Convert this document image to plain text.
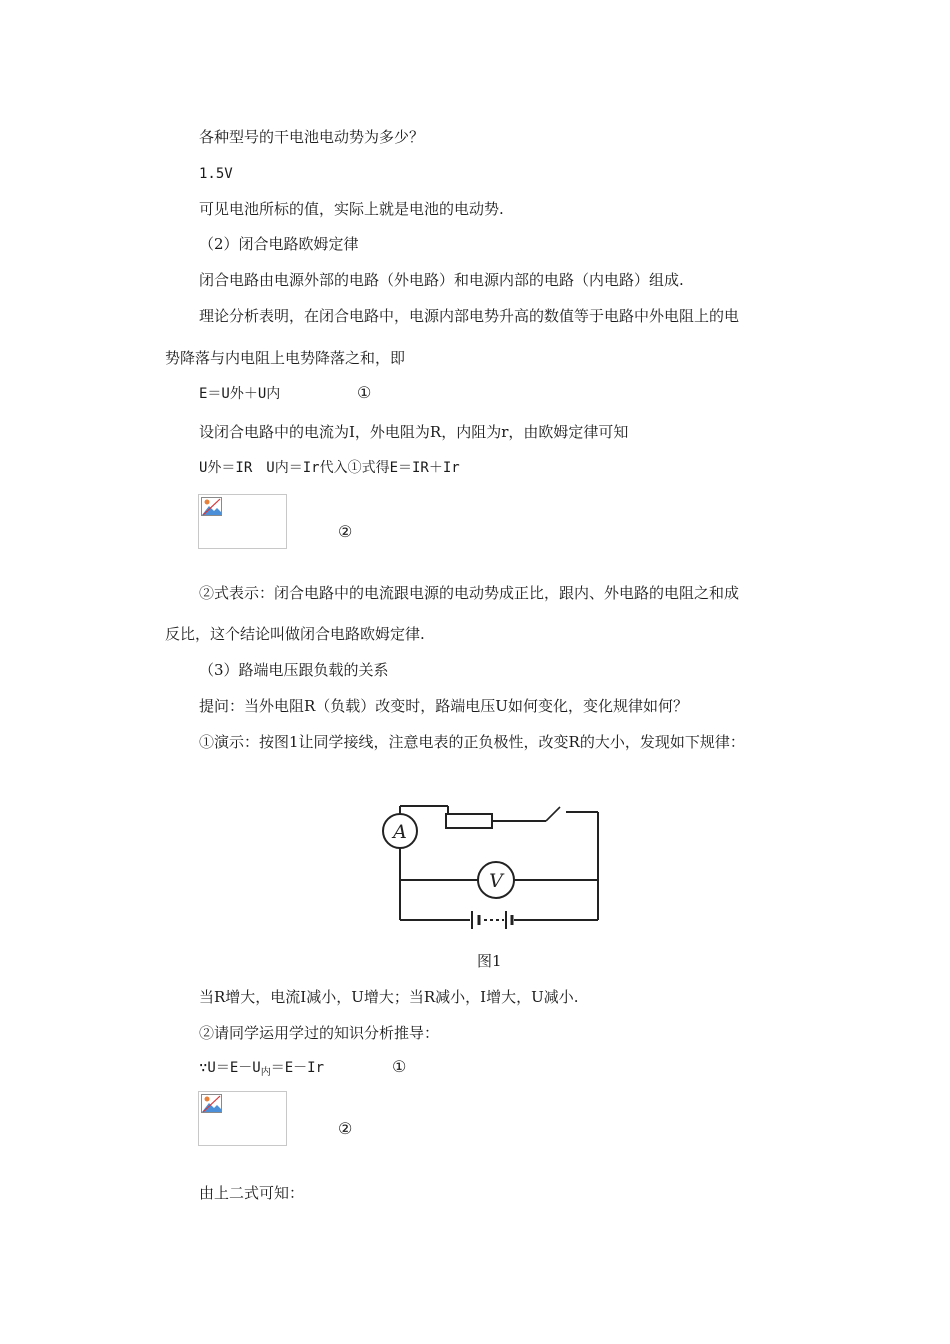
各种型号的干电池电动势为多少？
1.5V
可见电池所标的值，实际上就是电池的电动势.
（2）闭合电路欧姆定律
闭合电路由电源外部的电路（外电路）和电源内部的电路（内电路）组成.
理论分析表明，在闭合电路中，电源内部电势升高的数值等于电路中外电阻上的电
势降落与内电阻上电势降落之和，即
E＝U外＋U内	①
设闭合电路中的电流为I，外电阻为R，内阻为r，由欧姆定律可知
U外＝IR　U内＝Ir代入①式得E＝IR＋Ir
②
②式表示：闭合电路中的电流跟电源的电动势成正比，跟内、外电路的电阻之和成
反比，这个结论叫做闭合电路欧姆定律.
（3）路端电压跟负载的关系
提问：当外电阻R（负载）改变时，路端电压U如何变化，变化规律如何？
①演示：按图1让同学接线，注意电表的正负极性，改变R的大小，发现如下规律：
A
V
图1
当R增大，电流I减小，U增大；当R减小，I增大，U减小.
②请同学运用学过的知识分析推导：
$\because U=E-U_内=E-Ir$	①
②
由上二式可知：
